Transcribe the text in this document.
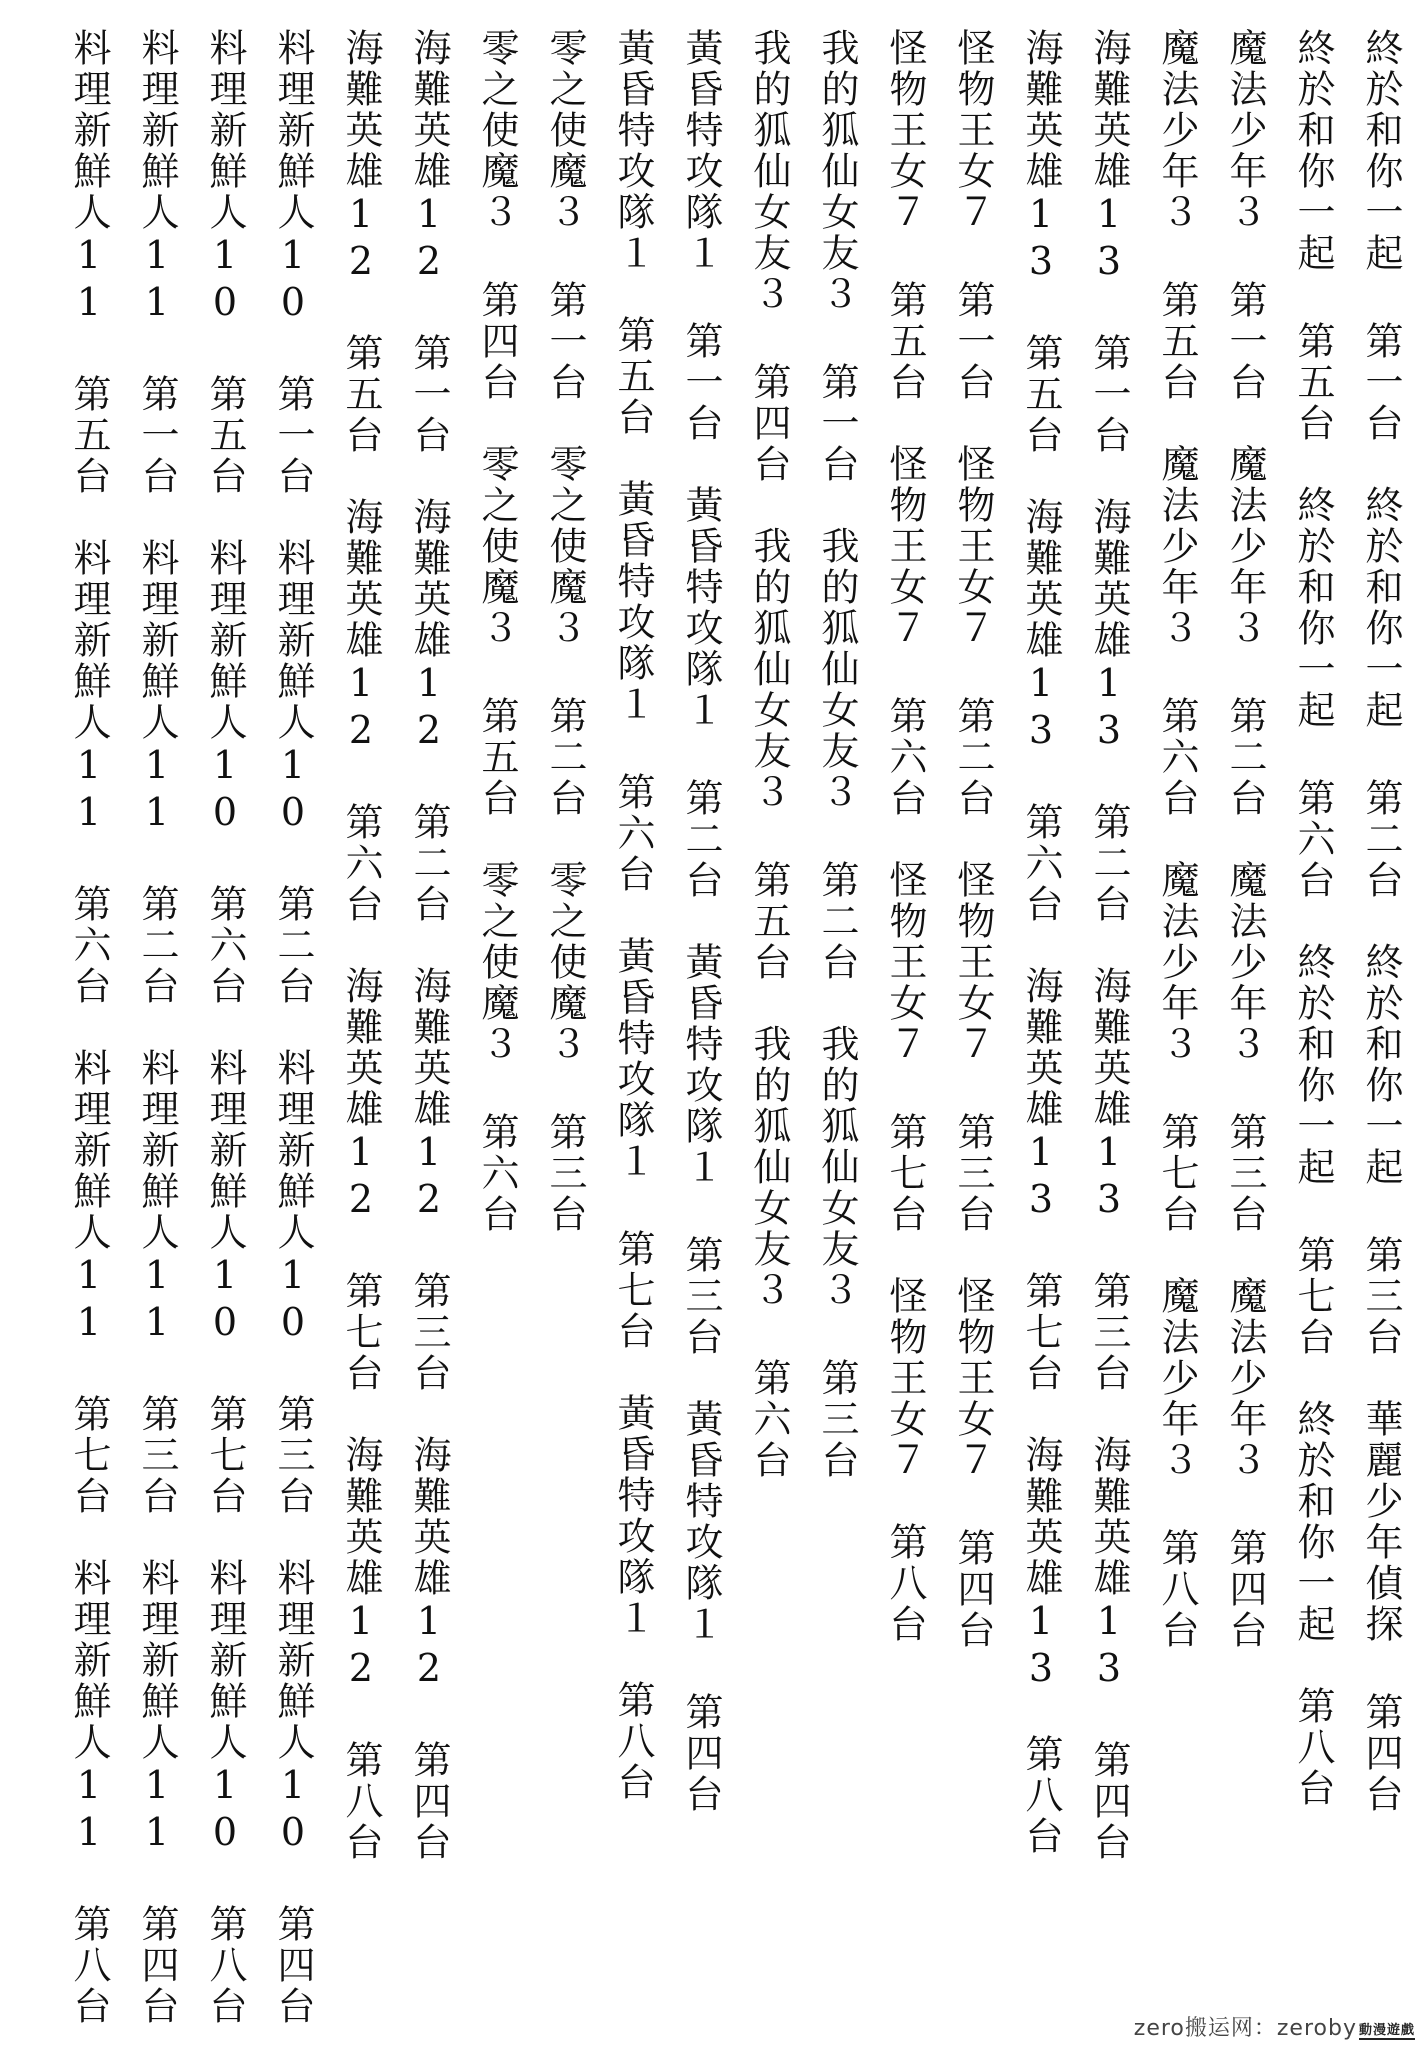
終於和你一起 第一台　終於和你一起 第二台　終於和你一起 第三台　華麗少年偵探 第四台

終於和你一起 第五台　終於和你一起 第六台　終於和你一起 第七台　終於和你一起　第八台

魔法少年３ 第一台　魔法少年３ 第二台　魔法少年３ 第三台　魔法少年３ 第四台

魔法少年３ 第五台　魔法少年３ 第六台　魔法少年３ 第七台　魔法少年３ 第八台

海難英雄13 第一台　海難英雄13 第二台　海難英雄13 第三台　海難英雄13 第四台

海難英雄13 第五台　海難英雄13 第六台　海難英雄13 第七台　海難英雄13　第八台

怪物王女７ 第一台　怪物王女７ 第二台　怪物王女７ 第三台　怪物王女７ 第四台

怪物王女７ 第五台　怪物王女７ 第六台　怪物王女７ 第七台　怪物王女７　第八台

我的狐仙女友３ 第一台　我的狐仙女友３ 第二台　我的狐仙女友３ 第三台

我的狐仙女友３ 第四台　我的狐仙女友３ 第五台　我的狐仙女友３ 第六台

黃昏特攻隊１ 第一台　黃昏特攻隊１ 第二台　黃昏特攻隊１ 第三台　黃昏特攻隊１ 第四台

黃昏特攻隊１　第五台　黃昏特攻隊１ 第六台　黃昏特攻隊１ 第七台　黃昏特攻隊１　第八台

零之使魔３ 第一台　零之使魔３ 第二台　零之使魔３ 第三台

零之使魔３ 第四台　零之使魔３ 第五台　零之使魔３ 第六台

海難英雄12 第一台　海難英雄12 第二台　海難英雄12 第三台　海難英雄12 第四台

海難英雄12 第五台　海難英雄12 第六台　海難英雄12 第七台　海難英雄12 第八台

料理新鮮人10 第一台　料理新鮮人10 第二台　料理新鮮人10 第三台　料理新鮮人10 第四台

料理新鮮人10 第五台　料理新鮮人10 第六台　料理新鮮人10 第七台　料理新鮮人10 第八台

料理新鮮人11 第一台　料理新鮮人11 第二台　料理新鮮人11 第三台　料理新鮮人11 第四台

料理新鮮人11 第五台　料理新鮮人11 第六台　料理新鮮人11 第七台　料理新鮮人11 第八台

zero搬运网：zeroby 動漫遊戲
